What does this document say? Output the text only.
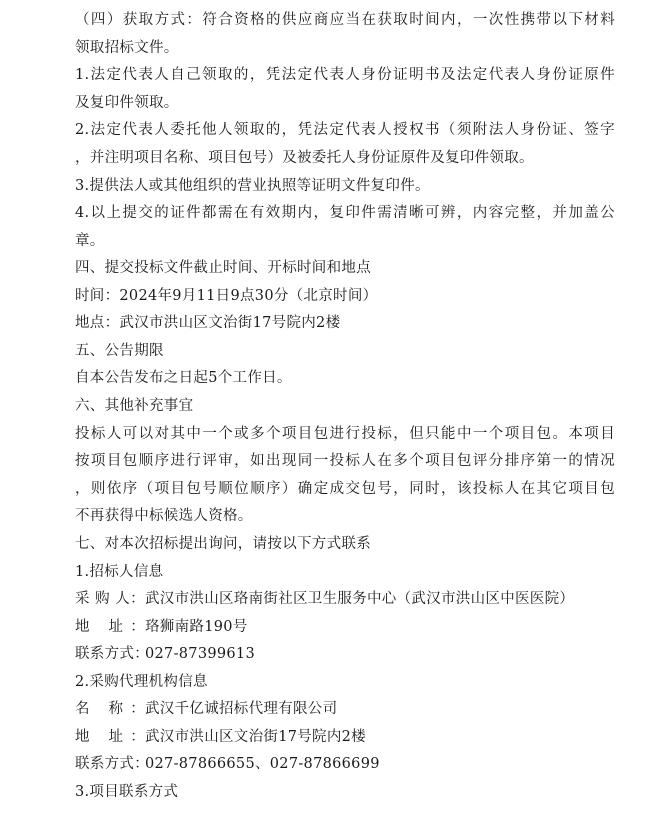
（四）获取方式：符合资格的供应商应当在获取时间内，一次性携带以下材料
领取招标文件。
1.法定代表人自己领取的，凭法定代表人身份证明书及法定代表人身份证原件
及复印件领取。
2.法定代表人委托他人领取的，凭法定代表人授权书（须附法人身份证、签字
，并注明项目名称、项目包号）及被委托人身份证原件及复印件领取。
3.提供法人或其他组织的营业执照等证明文件复印件。
4.以上提交的证件都需在有效期内，复印件需清晰可辨，内容完整，并加盖公
章。
四、提交投标文件截止时间、开标时间和地点
时间：2024年9月11日9点30分（北京时间）
地点：武汉市洪山区文治街17号院内2楼
五、公告期限
自本公告发布之日起5个工作日。
六、其他补充事宜
投标人可以对其中一个或多个项目包进行投标，但只能中一个项目包。本项目
按项目包顺序进行评审，如出现同一投标人在多个项目包评分排序第一的情况
，则依序（项目包号顺位顺序）确定成交包号，同时，该投标人在其它项目包
不再获得中标候选人资格。
七、对本次招标提出询问，请按以下方式联系
1.招标人信息
采 购 人：武汉市洪山区珞南街社区卫生服务中心（武汉市洪山区中医医院）
地 址：珞狮南路190号
联系方式：027-87399613
2.采购代理机构信息
名 称：武汉千亿诚招标代理有限公司
地 址：武汉市洪山区文治街17号院内2楼
联系方式：027-87866655、027-87866699
3.项目联系方式
